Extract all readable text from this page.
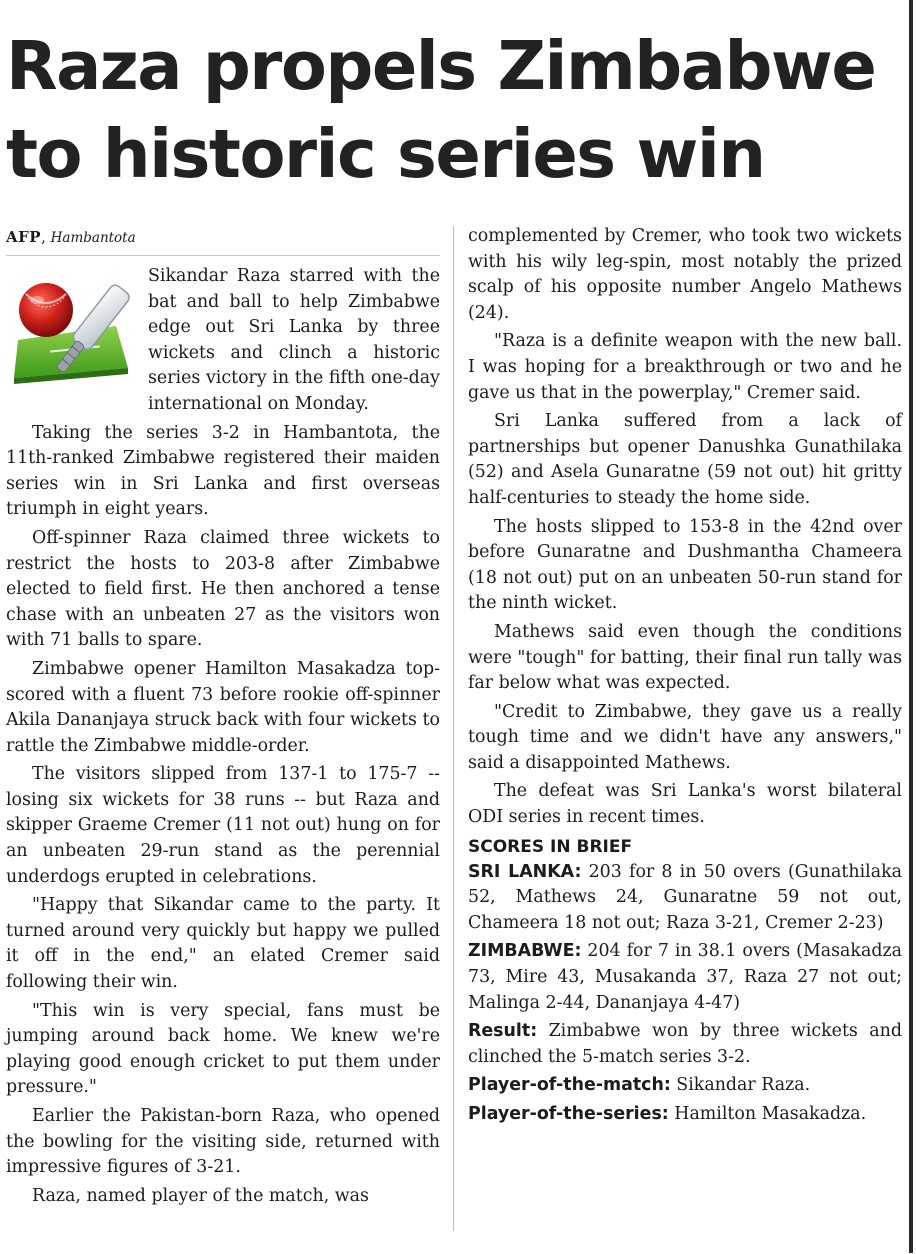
Raza propels Zimbabwe to historic series win
AFP, Hambantota

Sikandar Raza starred with the bat and ball to help Zimbabwe edge out Sri Lanka by three wickets and clinch a historic series victory in the fifth one-day international on Monday.

Taking the series 3-2 in Hambantota, the 11th-ranked Zimbabwe registered their maiden series win in Sri Lanka and first overseas triumph in eight years.

Off-spinner Raza claimed three wickets to restrict the hosts to 203-8 after Zimbabwe elected to field first. He then anchored a tense chase with an unbeaten 27 as the visitors won with 71 balls to spare.

Zimbabwe opener Hamilton Masakadza top-scored with a fluent 73 before rookie off-spinner Akila Dananjaya struck back with four wickets to rattle the Zimbabwe middle-order.

The visitors slipped from 137-1 to 175-7 -- losing six wickets for 38 runs -- but Raza and skipper Graeme Cremer (11 not out) hung on for an unbeaten 29-run stand as the perennial underdogs erupted in celebrations.

"Happy that Sikandar came to the party. It turned around very quickly but happy we pulled it off in the end," an elated Cremer said following their win.

"This win is very special, fans must be jumping around back home. We knew we're playing good enough cricket to put them under pressure."

Earlier the Pakistan-born Raza, who opened the bowling for the visiting side, returned with impressive figures of 3-21.

Raza, named player of the match, was

complemented by Cremer, who took two wickets with his wily leg-spin, most notably the prized scalp of his opposite number Angelo Mathews (24).

"Raza is a definite weapon with the new ball. I was hoping for a breakthrough or two and he gave us that in the powerplay," Cremer said.

Sri Lanka suffered from a lack of partnerships but opener Danushka Gunathilaka (52) and Asela Gunaratne (59 not out) hit gritty half-centuries to steady the home side.

The hosts slipped to 153-8 in the 42nd over before Gunaratne and Dushmantha Chameera (18 not out) put on an unbeaten 50-run stand for the ninth wicket.

Mathews said even though the conditions were "tough" for batting, their final run tally was far below what was expected.

"Credit to Zimbabwe, they gave us a really tough time and we didn't have any answers," said a disappointed Mathews.

The defeat was Sri Lanka's worst bilateral ODI series in recent times.

SCORES IN BRIEF

SRI LANKA: 203 for 8 in 50 overs (Gunathilaka 52, Mathews 24, Gunaratne 59 not out, Chameera 18 not out; Raza 3-21, Cremer 2-23)

ZIMBABWE: 204 for 7 in 38.1 overs (Masakadza 73, Mire 43, Musakanda 37, Raza 27 not out; Malinga 2-44, Dananjaya 4-47)

Result: Zimbabwe won by three wickets and clinched the 5-match series 3-2.

Player-of-the-match: Sikandar Raza.

Player-of-the-series: Hamilton Masakadza.
